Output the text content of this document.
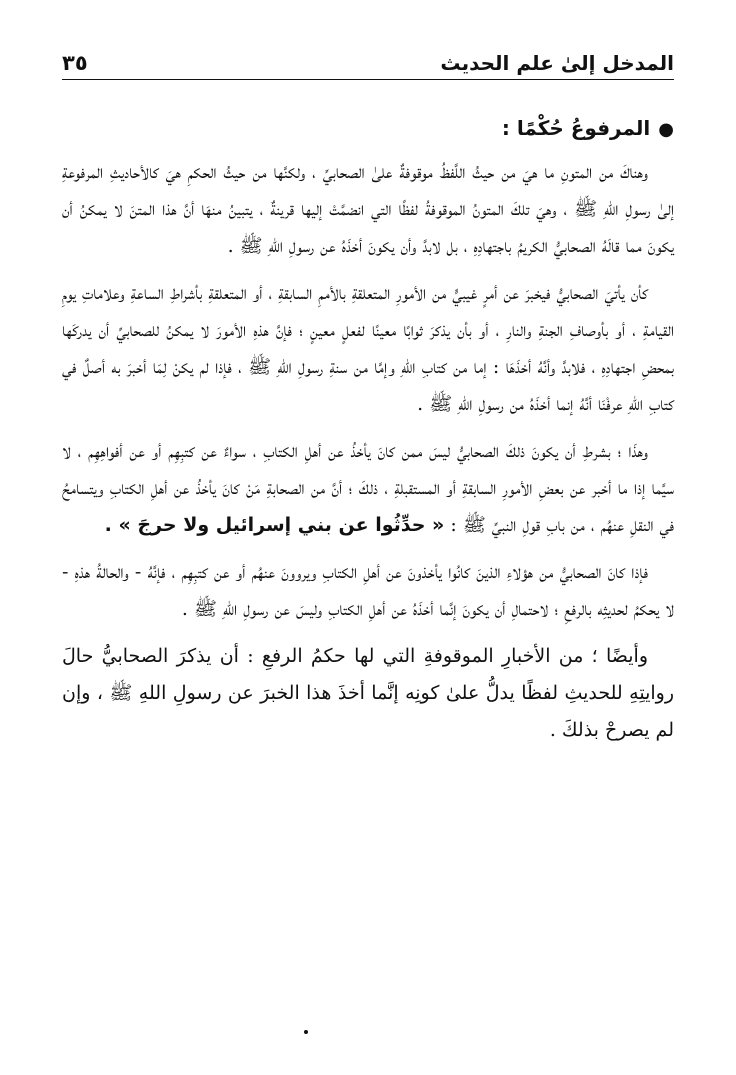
المدخل إلىٰ علم الحديث
٣٥
●المرفوعُ حُكْمًا :

وهناكَ من المتونِ ما هيَ من حيثُ اللَّفظُ موقوفةٌ علىٰ الصحابيِّ ، ولكنَّها من حيثُ الحكمِ هيَ كالأحاديثِ المرفوعةِ إلىٰ رسولِ اللهِ ﷺ ، وهيَ تلكَ المتونُ الموقوفةُ لفظًا التي انضمَّتْ إليها قرينةٌ ، يتبينُ منهَا أنَّ هذا المتنَ لا يمكنُ أن يكونَ مما قالَهُ الصحابيُّ الكريمُ باجتهادِهِ ، بل لابدَّ وأن يكونَ أخذَهُ عن رسولِ اللهِ ﷺ .

كأن يأتيَ الصحابيُّ فيخبرَ عن أمرٍ غيبيٍّ من الأمورِ المتعلقةِ بالأممِ السابقةِ ، أو المتعلقةِ بأشراطِ الساعةِ وعلاماتِ يومِ القيامةِ ، أو بأوصافِ الجنةِ والنارِ ، أو بأن يذكرَ ثوابًا معينًا لفعلٍ معينٍ ؛ فإنَّ هذهِ الأمورَ لا يمكنُ للصحابيِّ أن يدركَها بمحضِ اجتهادِهِ ، فلابدَّ وأنَّهُ أخذَهَا : إما من كتابِ اللهِ وإمَّا من سنةِ رسولِ اللهِ ﷺ ، فإذا لم يكنْ لِمَا أخبرَ به أصلٌ في كتابِ اللهِ عرفْنَا أنَّهُ إنما أخذَهُ من رسولِ اللهِ ﷺ .

وهذَا ؛ بشرطِ أن يكونَ ذلكَ الصحابيُّ ليسَ ممن كانَ يأخذُ عن أهلِ الكتابِ ، سواءٌ عن كتبِهِم أو عن أفواهِهِم ، لا سيَّما إذا ما أخبر عن بعضِ الأمورِ السابقةِ أو المستقبلةِ ، ذلكَ ؛ أنَّ من الصحابةِ مَنْ كانَ يأخذُ عن أهلِ الكتابِ ويتسامحُ في النقلِ عنهُم ، من بابِ قولِ النبيِّ ﷺ : « حدِّثُوا عن بني إسرائيل ولا حرجَ » .

فإذا كانَ الصحابيُّ من هؤلاءِ الذينَ كانُوا يأخذونَ عن أهلِ الكتابِ ويروونَ عنهُم أو عن كتبِهِم ، فإنَّهُ - والحالةُ هذهِ - لا يحكمُ لحديثِه بالرفعِ ؛ لاحتمالِ أن يكونَ إنَّما أخذَهُ عن أهلِ الكتابِ وليسَ عن رسولِ اللهِ ﷺ .

وأيضًا ؛ من الأخبارِ الموقوفةِ التي لها حكمُ الرفعِ : أن يذكرَ الصحابيُّ حالَ روايتِهِ للحديثِ لفظًا يدلُّ علىٰ كونِه إنَّما أخذَ هذا الخبرَ عن رسولِ اللهِ ﷺ ، وإن لم يصرحْ بذلكَ .
